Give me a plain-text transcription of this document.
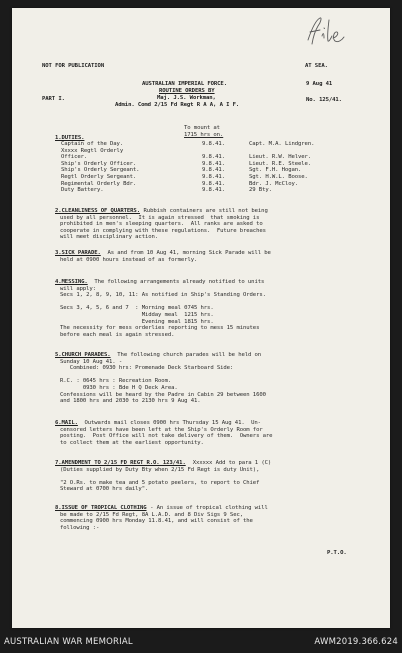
NOT FOR PUBLICATION	AT SEA.
AUSTRALIAN IMPERIAL FORCE.	9 Aug 41
ROUTINE ORDERS BY
PART I.	Maj. J.S. Workman,	No. 125/41.
Admin. Comd 2/15 Fd Regt R A A, A I F.
To mount at
1715 hrs on.
1.DUTIES.
2.CLEANLINESS OF QUARTERS.
3.SICK PARADE.
4.MESSING.
5.CHURCH PARADES.
6.MAIL.
7.AMENDMENT TO 2/15 FD REGT R.O. 123/41.
8.ISSUE OF TROPICAL CLOTHING
P.T.O.
Captain of the Day.	9.8.41.	Capt. M.A. Lindgren.
Xxxxx Regtl Orderly
Officer.	9.8.41.	Lieut. R.W. Helver.
Ship's Orderly Officer.	9.8.41.	Lieut. R.E. Steele.
Ship's Orderly Sergeant.	9.8.41.	Sgt. F.H. Hogan.
Regtl Orderly Sergeant.	9.8.41.	Sgt. H.W.L. Boose.
Regimental Orderly Bdr.	9.8.41.	Bdr. J. McCloy.
Duty Battery.	9.8.41.	29 Bty.
Rubbish containers are still not being
used by all personnel.  It is again stressed  that smoking is
prohibited in men's sleeping quarters.  All ranks are asked to
cooperate in complying with these regulations.  Future breaches
will meet disciplinary action.
As and from 10 Aug 41, morning Sick Parade will be
held at 0900 hours instead of as formerly.
The following arrangements already notified to units
will apply:
Secs 1, 2, 8, 9, 10, 11: As notified in Ship's Standing Orders.
Secs 3, 4, 5, 6 and 7  : Morning meal 0745 hrs.
Midday meal  1215 hrs.
Evening meal 1815 hrs.
The necessity for mess orderlies reporting to mess 15 minutes
before each meal is again stressed.
The following church parades will be held on
Sunday 10 Aug 41. -
Combined: 0930 hrs: Promenade Deck Starboard Side:
R.C. : 0645 hrs : Recreation Room.
0930 hrs : Bde H Q Deck Area.
Confessions will be heard by the Padre in Cabin 29 between 1600
and 1800 hrs and 2030 to 2130 hrs 9 Aug 41.
Outwards mail closes 0900 hrs Thursday 15 Aug 41.  Un-
censored letters have been left at the Ship's Orderly Room for
posting.  Post Office will not take delivery of them.  Owners are
to collect them at the earliest opportunity.
Xxxxxx Add to para 1 (C)
(Duties supplied by Duty Bty when 2/15 Fd Regt is duty Unit),
"2 O.Rs. to make tea and 5 potato peelers, to report to Chief
Steward at 0700 hrs daily".
- An issue of tropical clothing will
be made to 2/15 Fd Regt, 8A L.A.D. and 8 Div Sigs 9 Sec,
commencing 0900 hrs Monday 11.8.41, and will consist of the
following :-
AUSTRALIAN WAR MEMORIAL	AWM2019.366.624
